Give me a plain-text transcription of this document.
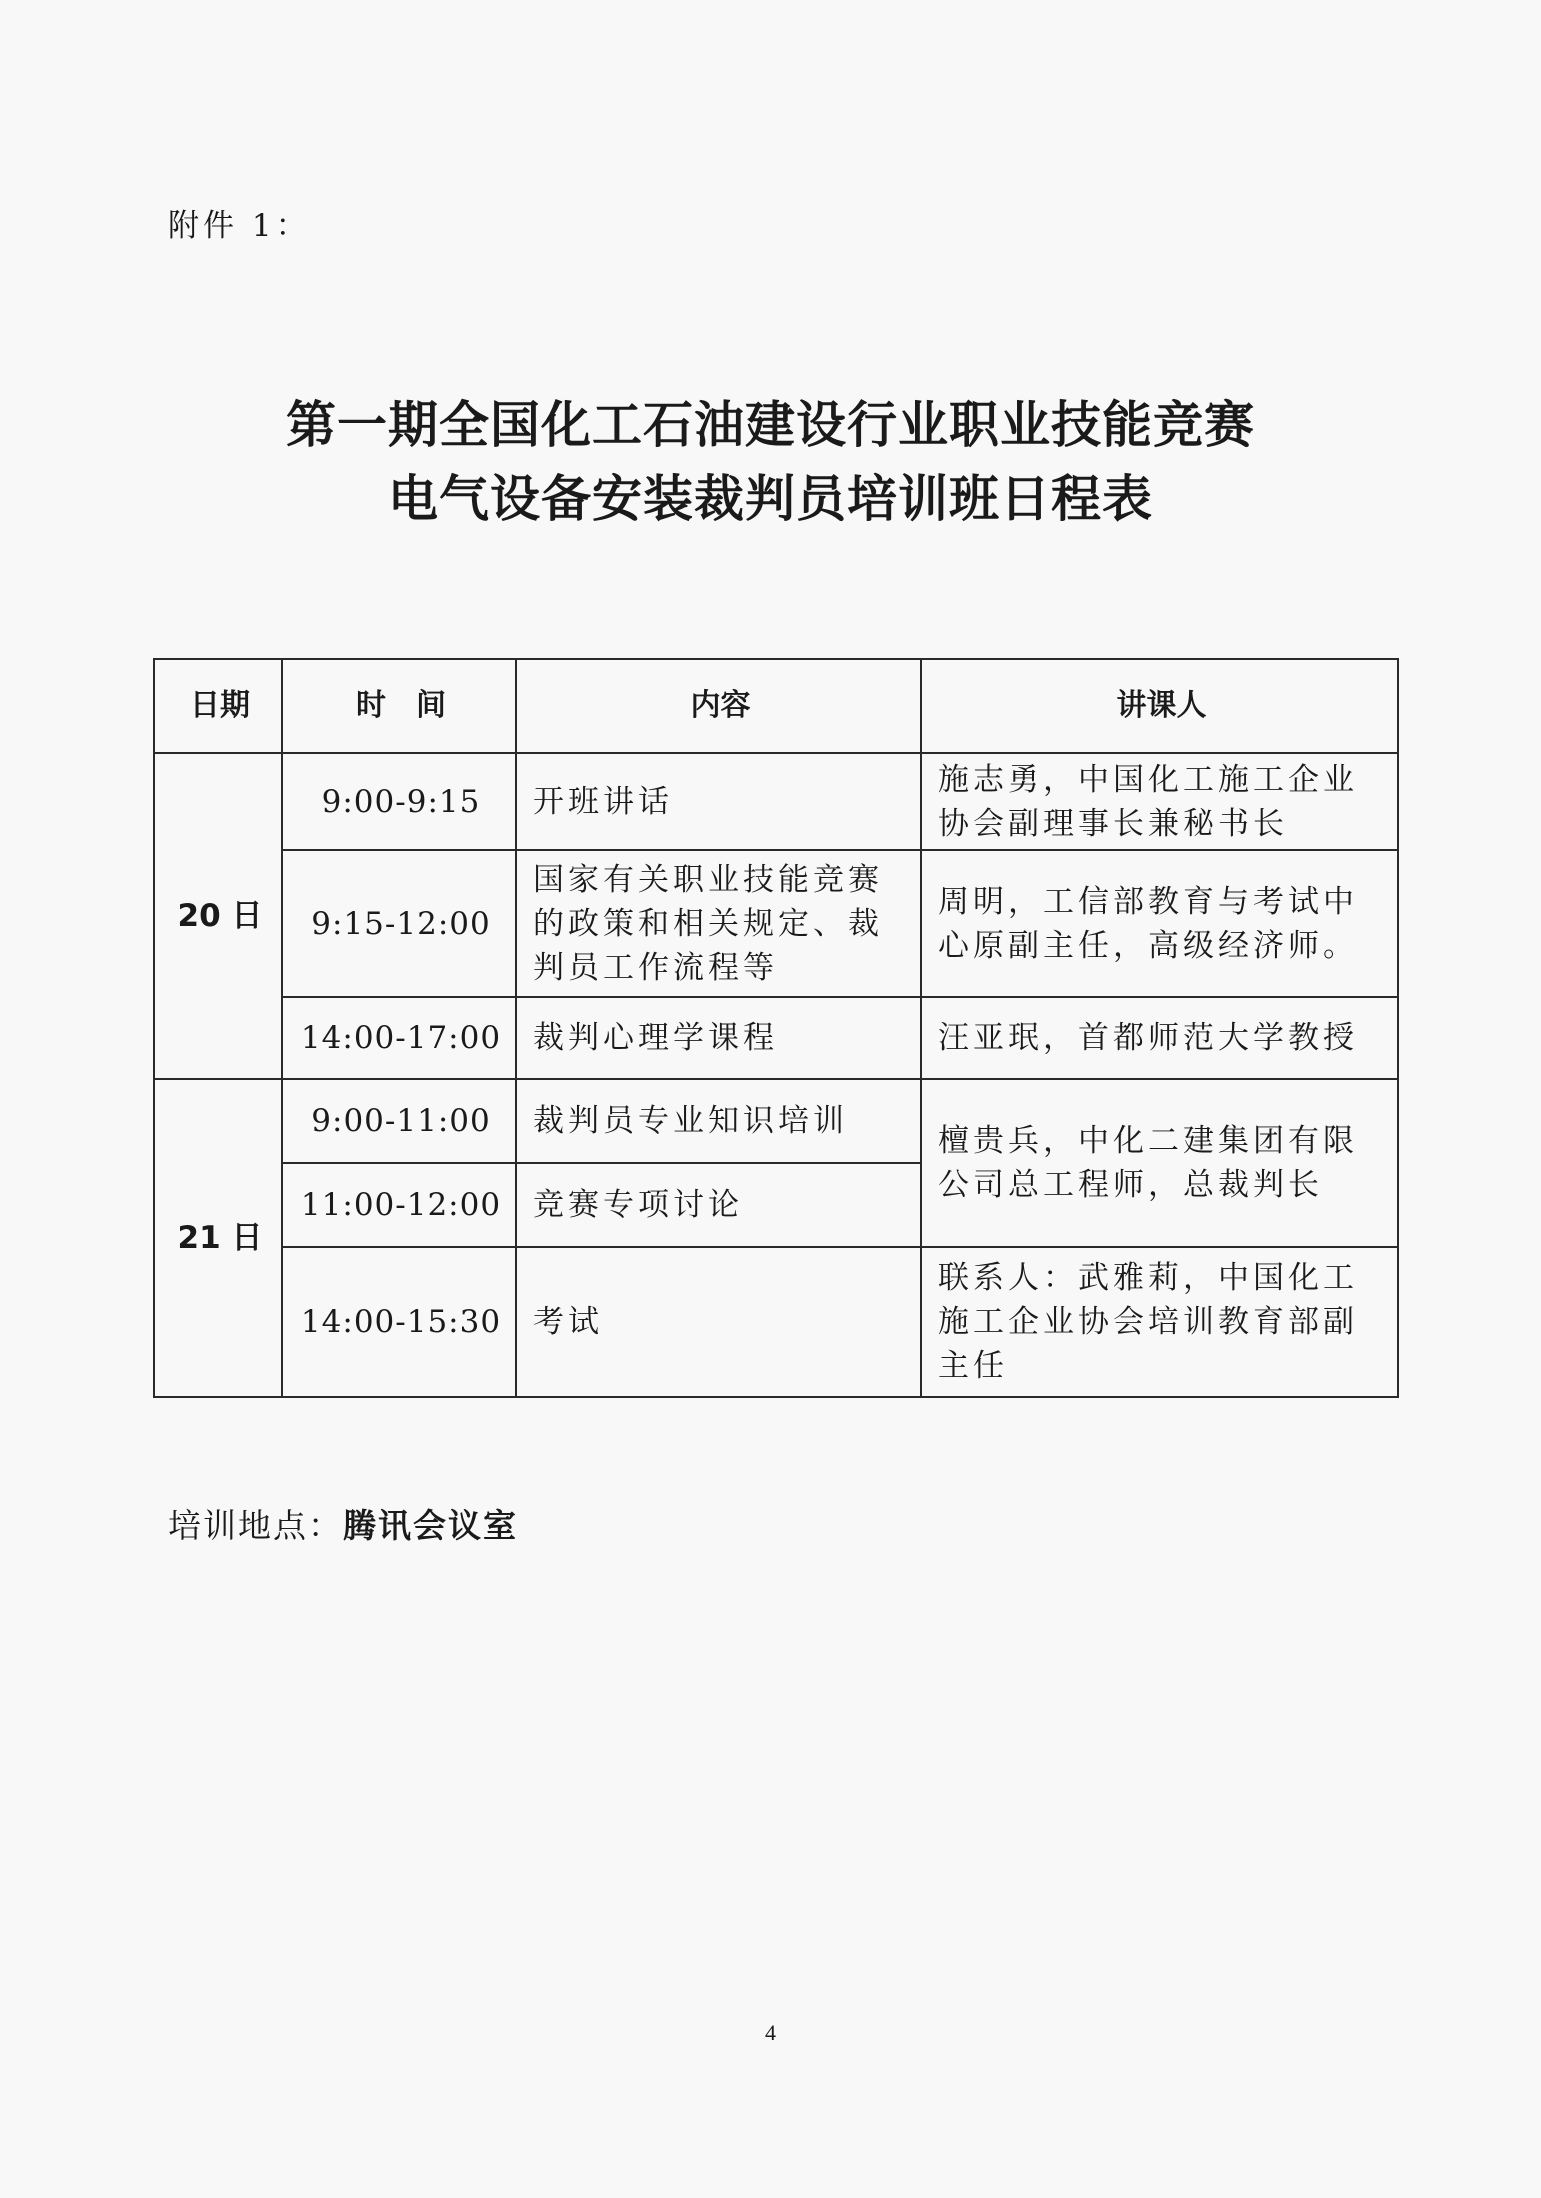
附件 1：
第一期全国化工石油建设行业职业技能竞赛
电气设备安装裁判员培训班日程表
日期	时　间	内容	讲课人
20 日	9:00-9:15	开班讲话	施志勇，中国化工施工企业协会副理事长兼秘书长
	9:15-12:00	国家有关职业技能竞赛的政策和相关规定、裁判员工作流程等	周明，工信部教育与考试中心原副主任，高级经济师。
	14:00-17:00	裁判心理学课程	汪亚珉，首都师范大学教授
21 日	9:00-11:00	裁判员专业知识培训	檀贵兵，中化二建集团有限公司总工程师，总裁判长
	11:00-12:00	竞赛专项讨论	
	14:00-15:30	考试	联系人：武雅莉，中国化工施工企业协会培训教育部副主任
培训地点：腾讯会议室
4
